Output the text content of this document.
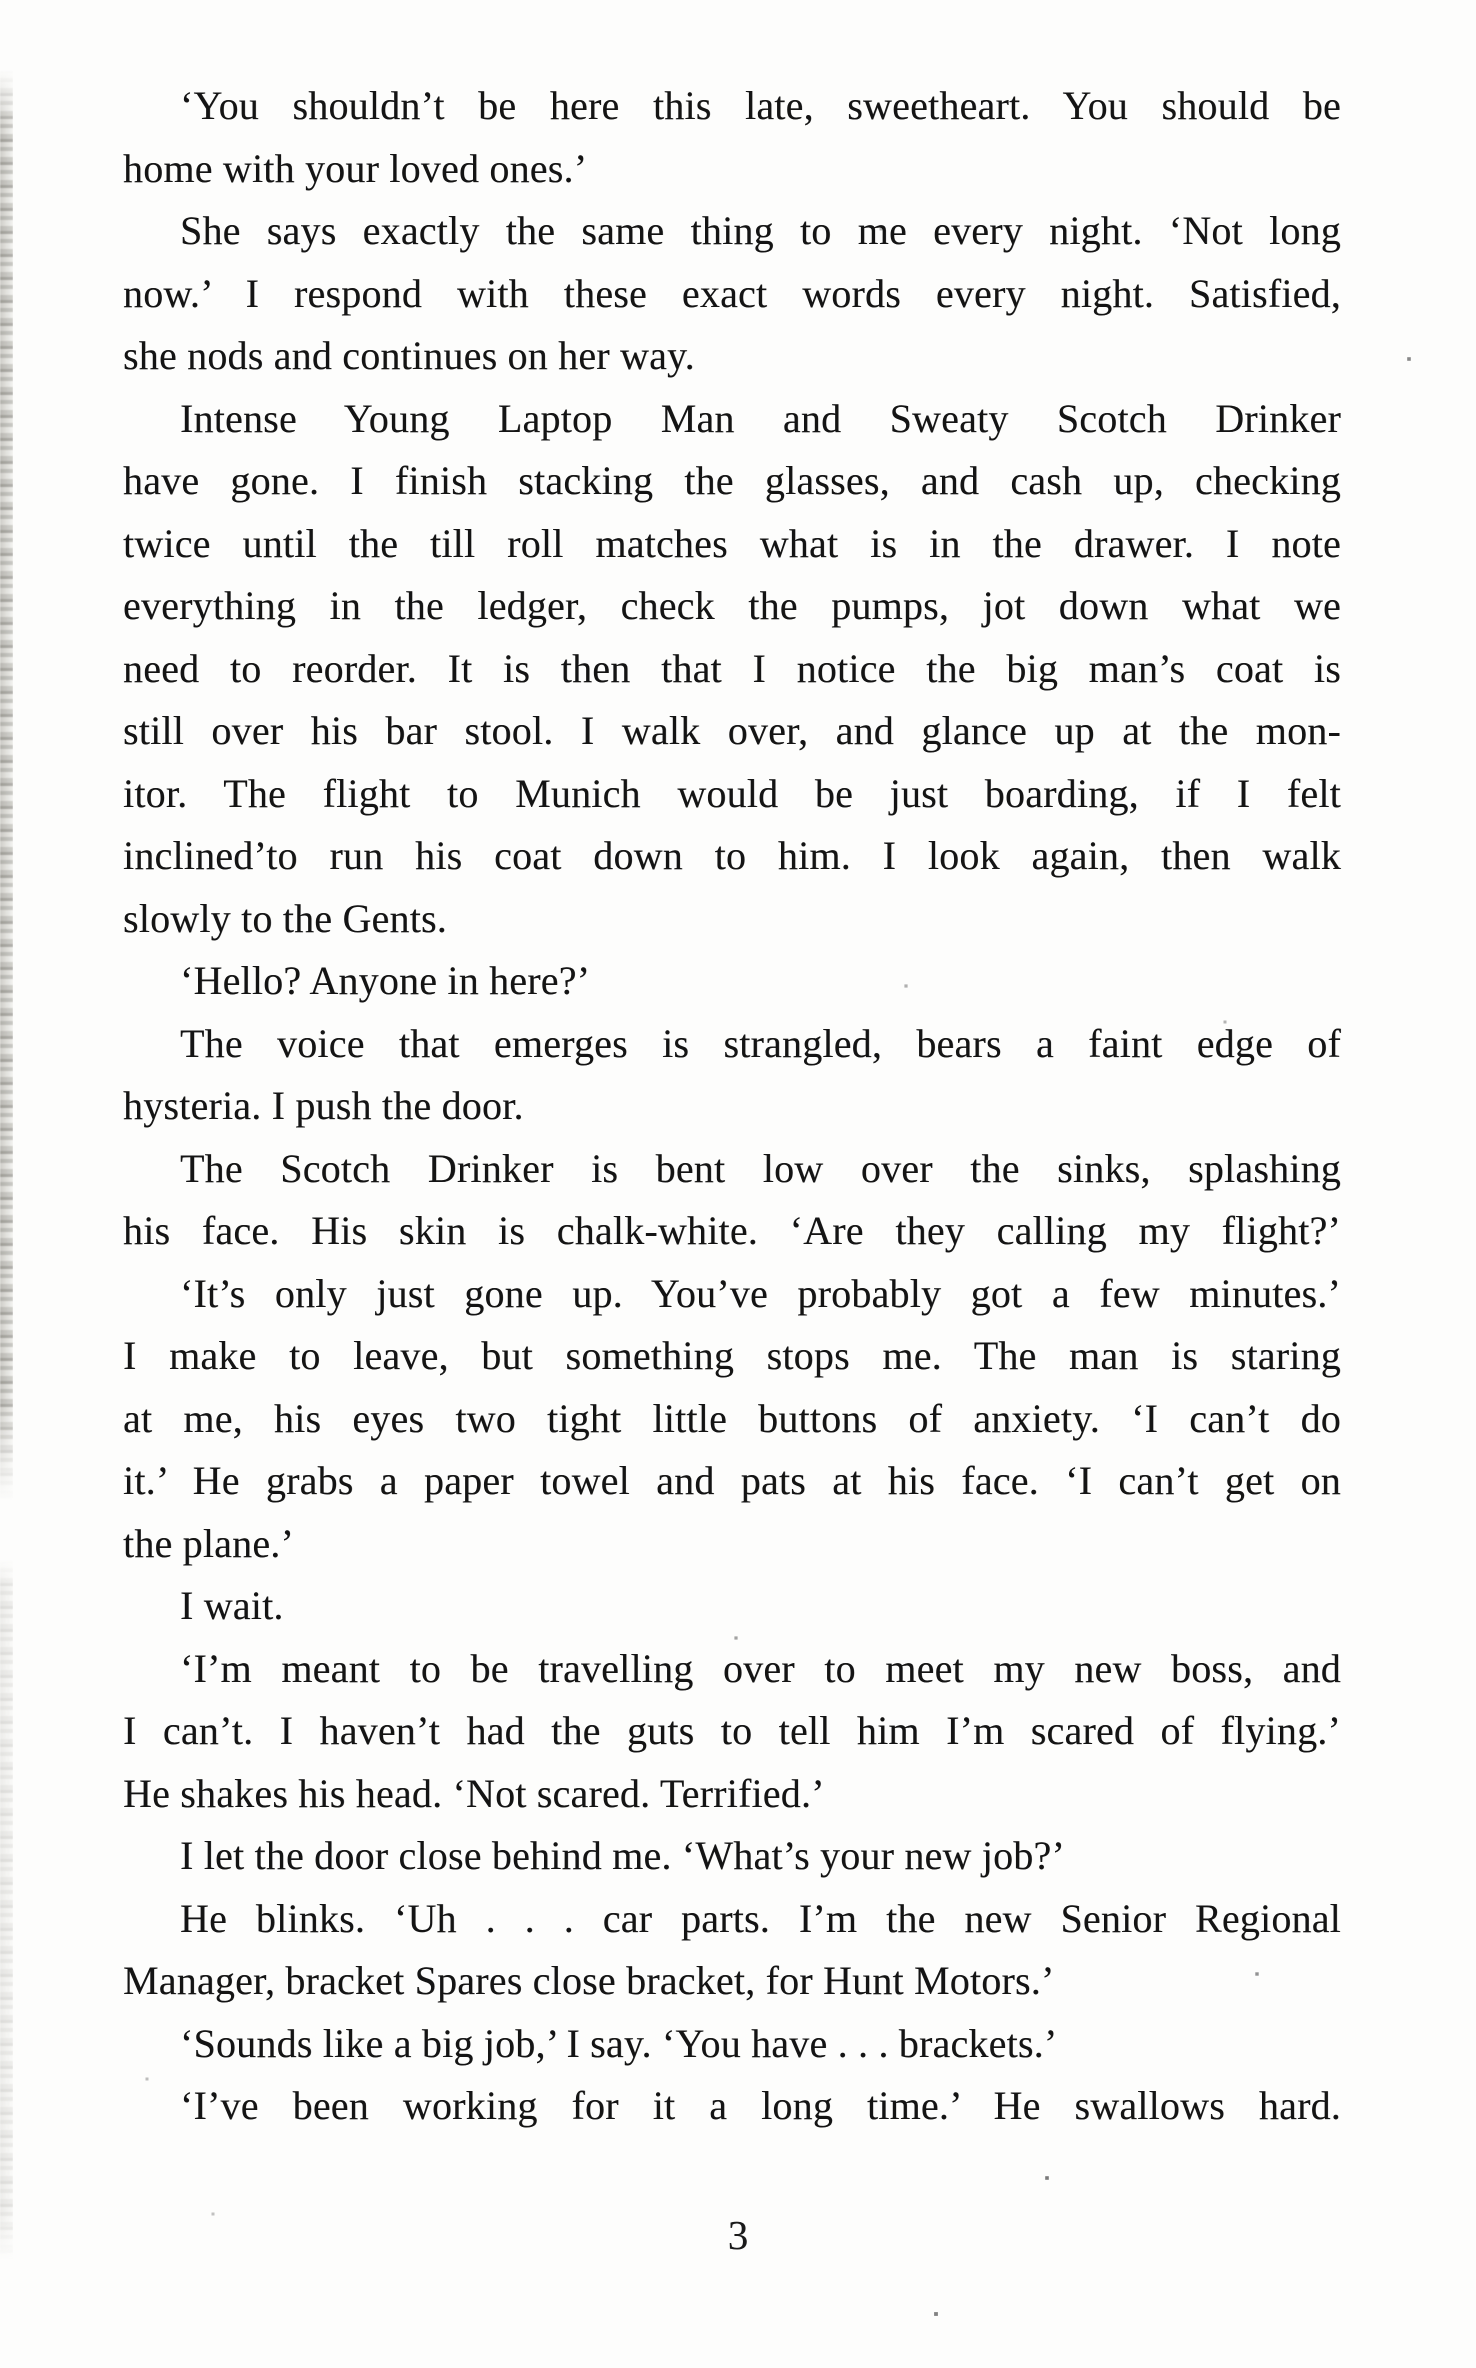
‘You shouldn’t be here this late, sweetheart. You should be
home with your loved ones.’
She says exactly the same thing to me every night. ‘Not long
now.’ I respond with these exact words every night. Satisfied,
she nods and continues on her way.
Intense Young Laptop Man and Sweaty Scotch Drinker
have gone. I finish stacking the glasses, and cash up, checking
twice until the till roll matches what is in the drawer. I note
everything in the ledger, check the pumps, jot down what we
need to reorder. It is then that I notice the big man’s coat is
still over his bar stool. I walk over, and glance up at the mon-
itor. The flight to Munich would be just boarding, if I felt
inclined’to run his coat down to him. I look again, then walk
slowly to the Gents.
‘Hello? Anyone in here?’
The voice that emerges is strangled, bears a faint edge of
hysteria. I push the door.
The Scotch Drinker is bent low over the sinks, splashing
his face. His skin is chalk-white. ‘Are they calling my flight?’
‘It’s only just gone up. You’ve probably got a few minutes.’
I make to leave, but something stops me. The man is staring
at me, his eyes two tight little buttons of anxiety. ‘I can’t do
it.’ He grabs a paper towel and pats at his face. ‘I can’t get on
the plane.’
I wait.
‘I’m meant to be travelling over to meet my new boss, and
I can’t. I haven’t had the guts to tell him I’m scared of flying.’
He shakes his head. ‘Not scared. Terrified.’
I let the door close behind me. ‘What’s your new job?’
He blinks. ‘Uh . . . car parts. I’m the new Senior Regional
Manager, bracket Spares close bracket, for Hunt Motors.’
‘Sounds like a big job,’ I say. ‘You have . . . brackets.’
‘I’ve been working for it a long time.’ He swallows hard.
3
